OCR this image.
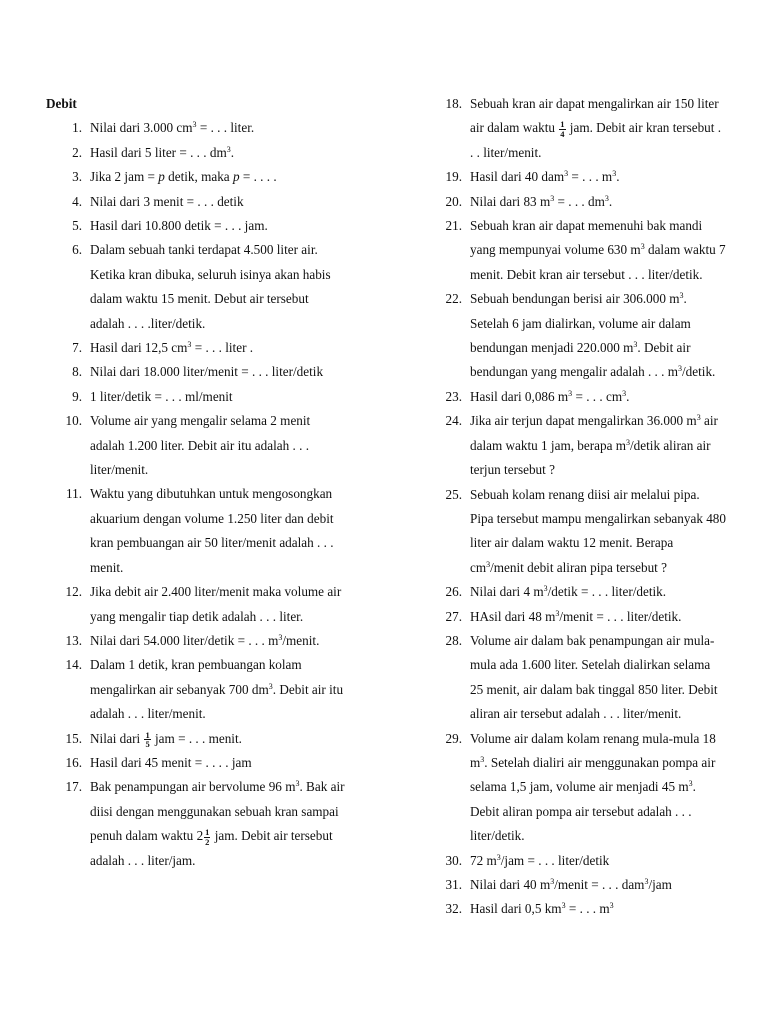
Debit
1. Nilai dari 3.000 $cm^3$ = . . . liter.
2. Hasil dari 5 liter = . . . $dm^3$.
3. Jika 2 jam = p detik, maka p = . . . .
4. Nilai dari 3 menit = . . . detik
5. Hasil dari 10.800 detik = . . . jam.
6. Dalam sebuah tanki terdapat 4.500 liter air.
Ketika kran dibuka, seluruh isinya akan habis
dalam waktu 15 menit. Debut air tersebut
adalah . . . .liter/detik.
7. Hasil dari 12,5 $cm^3$ = . . . liter .
8. Nilai dari 18.000 liter/menit = . . . liter/detik
9. 1 liter/detik = . . . ml/menit
10. Volume air yang mengalir selama 2 menit
adalah 1.200 liter. Debit air itu adalah . . .
liter/menit.
11. Waktu yang dibutuhkan untuk mengosongkan
akuarium dengan volume 1.250 liter dan debit
kran pembuangan air 50 liter/menit adalah . . .
menit.
12. Jika debit air 2.400 liter/menit maka volume air
yang mengalir tiap detik adalah . . . liter.
13. Nilai dari 54.000 liter/detik = . . . $m^3$/menit.
14. Dalam 1 detik, kran pembuangan kolam
mengalirkan air sebanyak 700 $dm^3$. Debit air itu
adalah . . . liter/menit.
15. Nilai dari $\frac{1}{5}$ jam = . . . menit.
16. Hasil dari 45 menit = . . . . jam
17. Bak penampungan air bervolume 96 $m^3$. Bak air
diisi dengan menggunakan sebuah kran sampai
penuh dalam waktu $2 \frac{1}{2}$ jam. Debit air tersebut
adalah . . . liter/jam.
18. Sebuah kran air dapat mengalirkan air 150 liter
air dalam waktu $\frac{1}{4}$ jam. Debit air kran tersebut .
. . liter/menit.
19. Hasil dari 40 dam$^3$ = . . . $m^3$.
20. Nilai dari 83 $m^3$ = . . . $dm^3$.
21. Sebuah kran air dapat memenuhi bak mandi
yang mempunyai volume 630 $m^3$ dalam waktu 7
menit. Debit kran air tersebut . . . liter/detik.
22. Sebuah bendungan berisi air 306.000 $m^3$.
Setelah 6 jam dialirkan, volume air dalam
bendungan menjadi 220.000 $m^3$. Debit air
bendungan yang mengalir adalah . . . $m^3$/detik.
23. Hasil dari 0,086 $m^3$ = . . . $cm^3$.
24. Jika air terjun dapat mengalirkan 36.000 $m^3$ air
dalam waktu 1 jam, berapa $m^3$/detik aliran air
terjun tersebut ?
25. Sebuah kolam renang diisi air melalui pipa.
Pipa tersebut mampu mengalirkan sebanyak 480
liter air dalam waktu 12 menit. Berapa
$cm^3$/menit debit aliran pipa tersebut ?
26. Nilai dari 4 $m^3$/detik = . . . liter/detik.
27. HAsil dari 48 $m^3$/menit = . . . liter/detik.
28. Volume air dalam bak penampungan air mula-
mula ada 1.600 liter. Setelah dialirkan selama
25 menit, air dalam bak tinggal 850 liter. Debit
aliran air tersebut adalah . . . liter/menit.
29. Volume air dalam kolam renang mula-mula 18
$m^3$. Setelah dialiri air menggunakan pompa air
selama 1,5 jam, volume air menjadi 45 $m^3$.
Debit aliran pompa air tersebut adalah . . .
liter/detik.
30. 72 $m^3$/jam = . . . liter/detik
31. Nilai dari 40 $m^3$/menit = . . . dam$^3$/jam
32. Hasil dari 0,5 $km^3$ = . . . $m^3$
